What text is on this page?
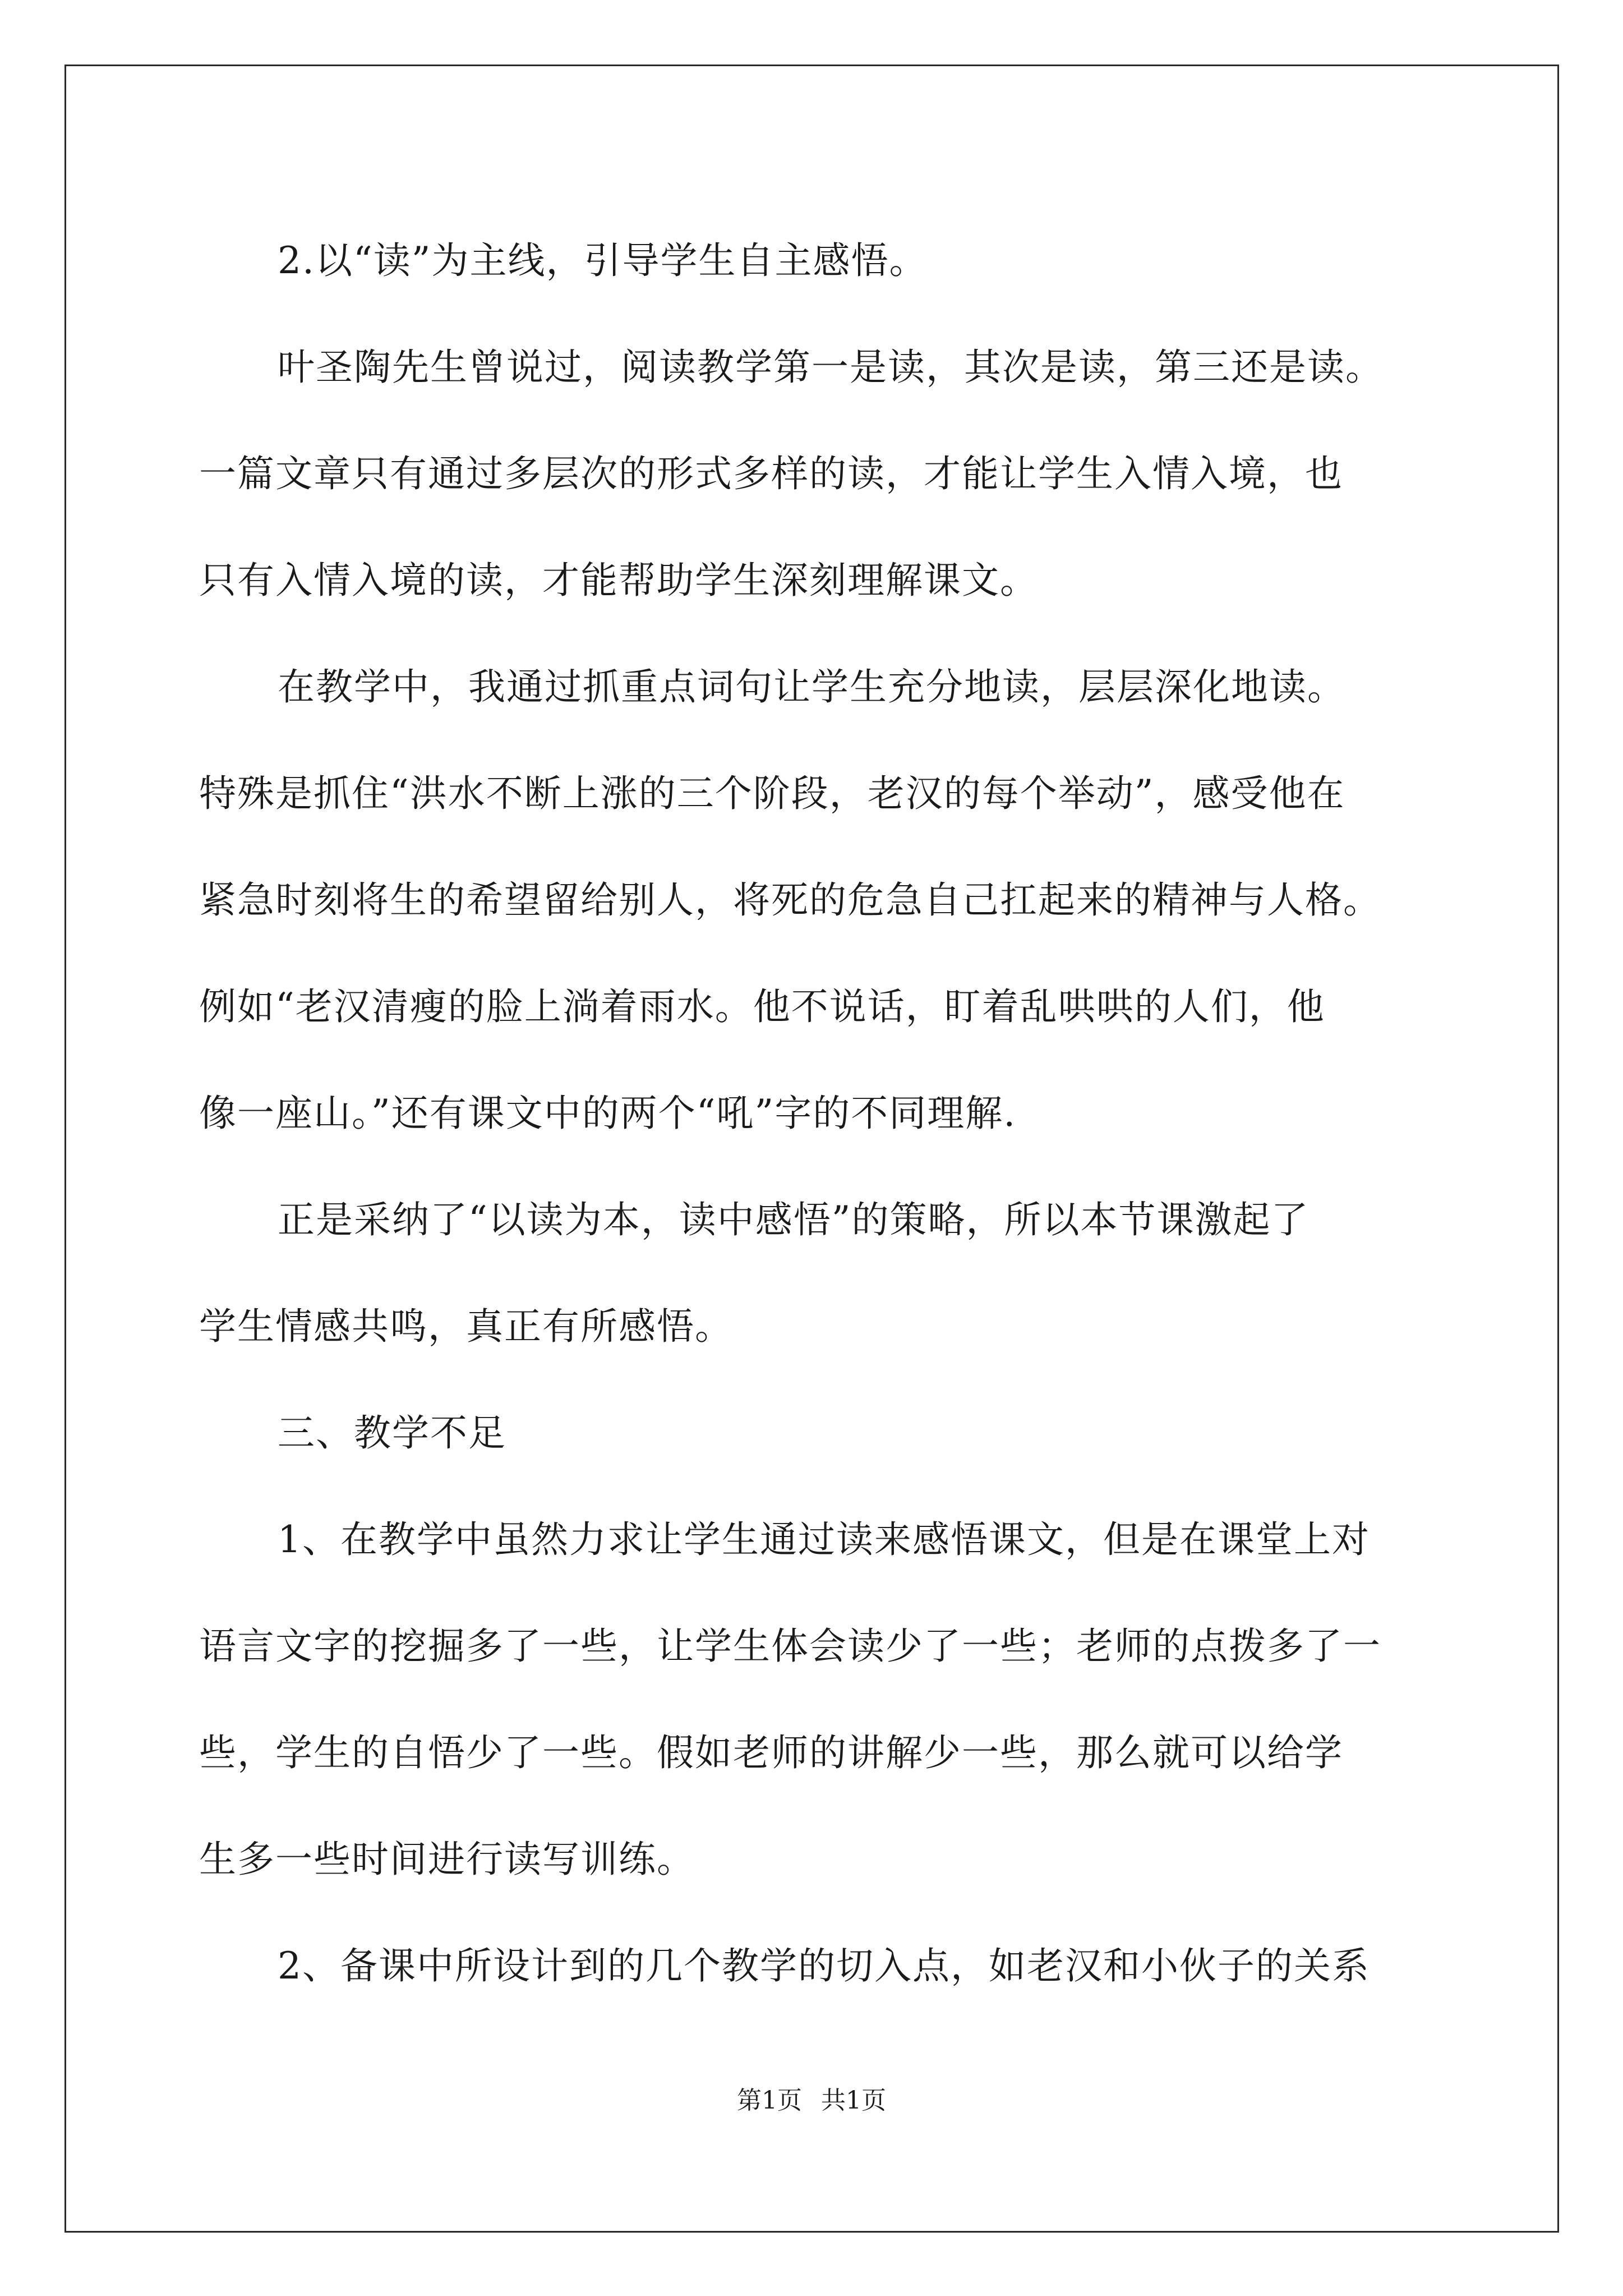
2.以“读”为主线，引导学生自主感悟。
叶圣陶先生曾说过，阅读教学第一是读，其次是读，第三还是读。
一篇文章只有通过多层次的形式多样的读，才能让学生入情入境，也
只有入情入境的读，才能帮助学生深刻理解课文。
在教学中，我通过抓重点词句让学生充分地读，层层深化地读。
特殊是抓住“洪水不断上涨的三个阶段，老汉的每个举动”，感受他在
紧急时刻将生的希望留给别人，将死的危急自己扛起来的精神与人格。
例如“老汉清瘦的脸上淌着雨水。他不说话，盯着乱哄哄的人们，他
像一座山。”还有课文中的两个“吼”字的不同理解.
正是采纳了“以读为本，读中感悟”的策略，所以本节课激起了
学生情感共鸣，真正有所感悟。
三、教学不足
1、在教学中虽然力求让学生通过读来感悟课文，但是在课堂上对
语言文字的挖掘多了一些，让学生体会读少了一些；老师的点拨多了一
些，学生的自悟少了一些。假如老师的讲解少一些，那么就可以给学
生多一些时间进行读写训练。
2、备课中所设计到的几个教学的切入点，如老汉和小伙子的关系
第1页 共1页
